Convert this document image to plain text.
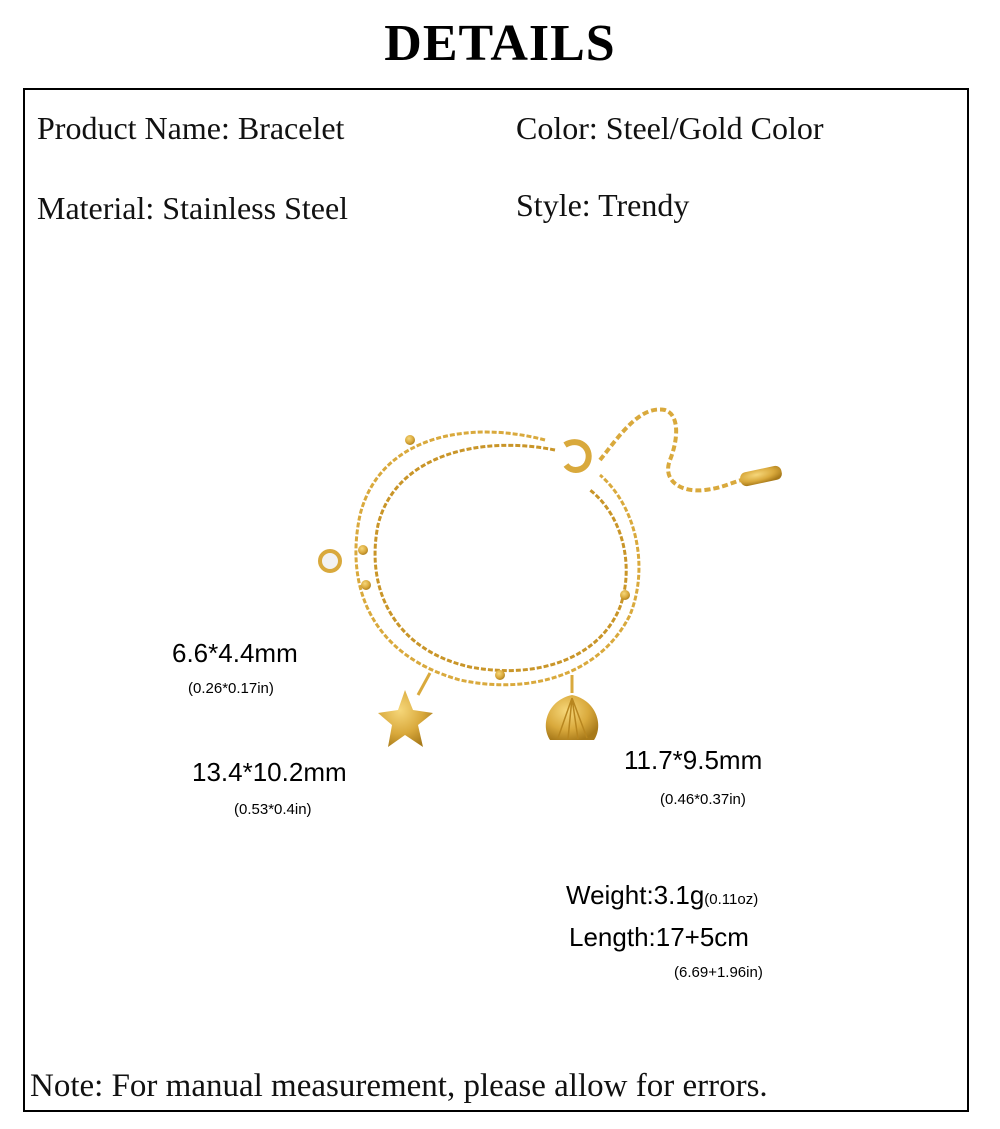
DETAILS
Product Name: Bracelet	Color: Steel/Gold Color
Material: Stainless Steel	Style: Trendy
6.6*4.4mm
(0.26*0.17in)
13.4*10.2mm
(0.53*0.4in)
11.7*9.5mm
(0.46*0.37in)
Weight:3.1g(0.11oz)
Length:17+5cm
(6.69+1.96in)
Note: For manual measurement, please allow for errors.
